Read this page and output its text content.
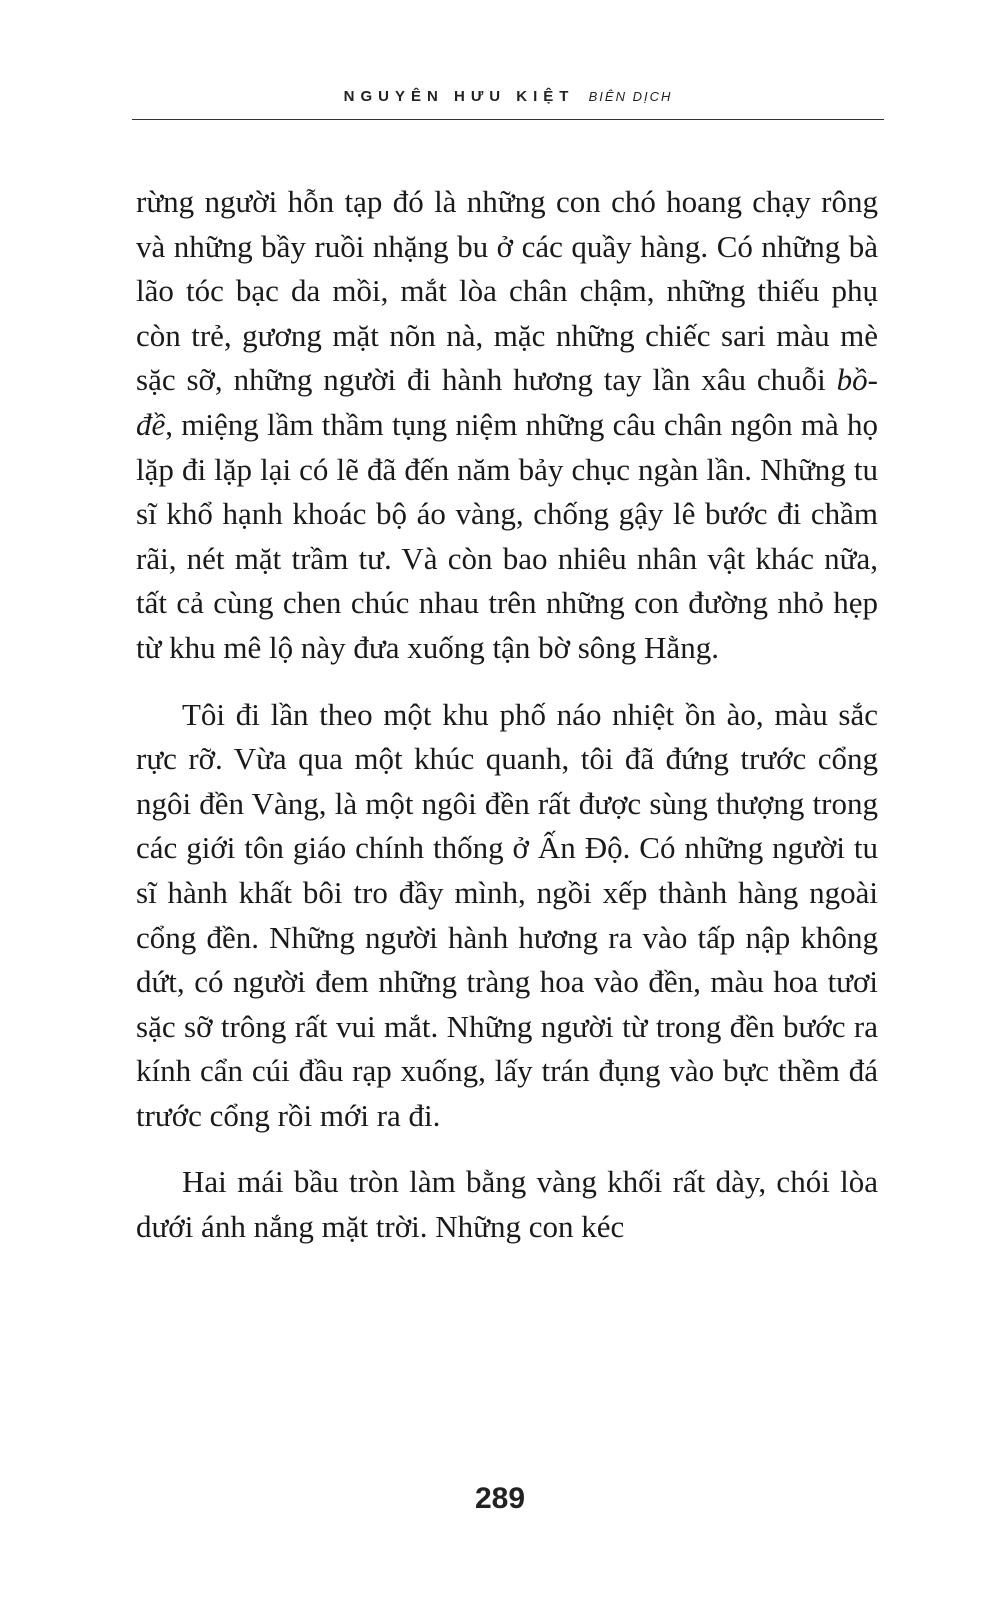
NGUYÊN HƯU KIỆT BIÊN DỊCH

rừng người hỗn tạp đó là những con chó hoang chạy rông và những bầy ruồi nhặng bu ở các quầy hàng. Có những bà lão tóc bạc da mồi, mắt lòa chân chậm, những thiếu phụ còn trẻ, gương mặt nõn nà, mặc những chiếc sari màu mè sặc sỡ, những người đi hành hương tay lần xâu chuỗi bồ-đề, miệng lầm thầm tụng niệm những câu chân ngôn mà họ lặp đi lặp lại có lẽ đã đến năm bảy chục ngàn lần. Những tu sĩ khổ hạnh khoác bộ áo vàng, chống gậy lê bước đi chầm rãi, nét mặt trầm tư. Và còn bao nhiêu nhân vật khác nữa, tất cả cùng chen chúc nhau trên những con đường nhỏ hẹp từ khu mê lộ này đưa xuống tận bờ sông Hằng.

Tôi đi lần theo một khu phố náo nhiệt ồn ào, màu sắc rực rỡ. Vừa qua một khúc quanh, tôi đã đứng trước cổng ngôi đền Vàng, là một ngôi đền rất được sùng thượng trong các giới tôn giáo chính thống ở Ấn Độ. Có những người tu sĩ hành khất bôi tro đầy mình, ngồi xếp thành hàng ngoài cổng đền. Những người hành hương ra vào tấp nập không dứt, có người đem những tràng hoa vào đền, màu hoa tươi sặc sỡ trông rất vui mắt. Những người từ trong đền bước ra kính cẩn cúi đầu rạp xuống, lấy trán đụng vào bực thềm đá trước cổng rồi mới ra đi.

Hai mái bầu tròn làm bằng vàng khối rất dày, chói lòa dưới ánh nắng mặt trời. Những con kéc

289
